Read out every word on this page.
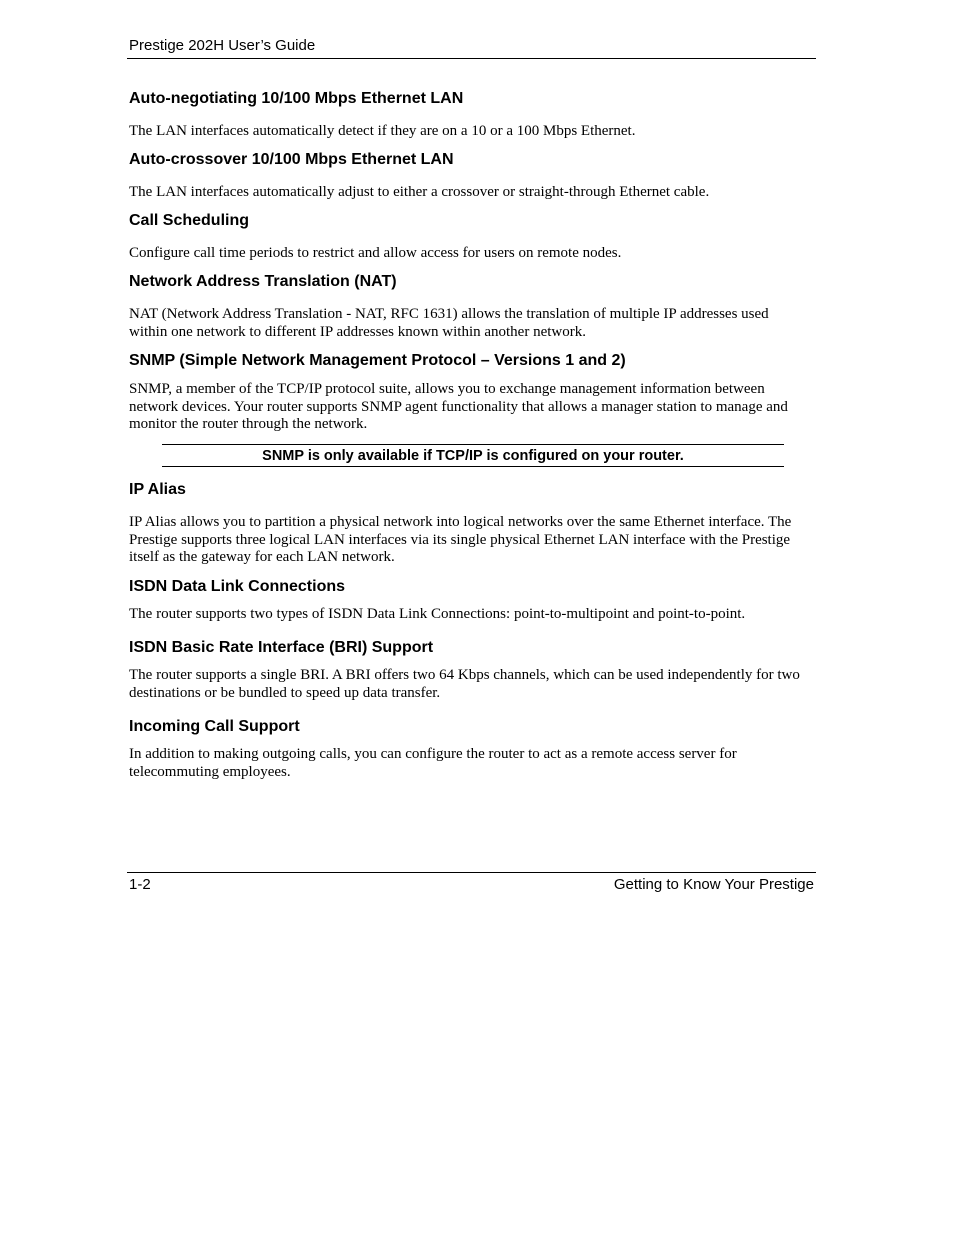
Prestige 202H User’s Guide
Auto-negotiating 10/100 Mbps Ethernet LAN

The LAN interfaces automatically detect if they are on a 10 or a 100 Mbps Ethernet.

Auto-crossover 10/100 Mbps Ethernet LAN

The LAN interfaces automatically adjust to either a crossover or straight-through Ethernet cable.

Call Scheduling

Configure call time periods to restrict and allow access for users on remote nodes.

Network Address Translation (NAT)

NAT (Network Address Translation - NAT, RFC 1631) allows the translation of multiple IP addresses used within one network to different IP addresses known within another network.

SNMP (Simple Network Management Protocol – Versions 1 and 2)

SNMP, a member of the TCP/IP protocol suite, allows you to exchange management information between network devices. Your router supports SNMP agent functionality that allows a manager station to manage and monitor the router through the network.

IP Alias

IP Alias allows you to partition a physical network into logical networks over the same Ethernet interface. The Prestige supports three logical LAN interfaces via its single physical Ethernet LAN interface with the Prestige itself as the gateway for each LAN network.

ISDN Data Link Connections

The router supports two types of ISDN Data Link Connections: point-to-multipoint and point-to-point.

ISDN Basic Rate Interface (BRI) Support

The router supports a single BRI. A BRI offers two 64 Kbps channels, which can be used independently for two destinations or be bundled to speed up data transfer.

Incoming Call Support

In addition to making outgoing calls, you can configure the router to act as a remote access server for telecommuting employees.

SNMP is only available if TCP/IP is configured on your router.
1-2	Getting to Know Your Prestige
